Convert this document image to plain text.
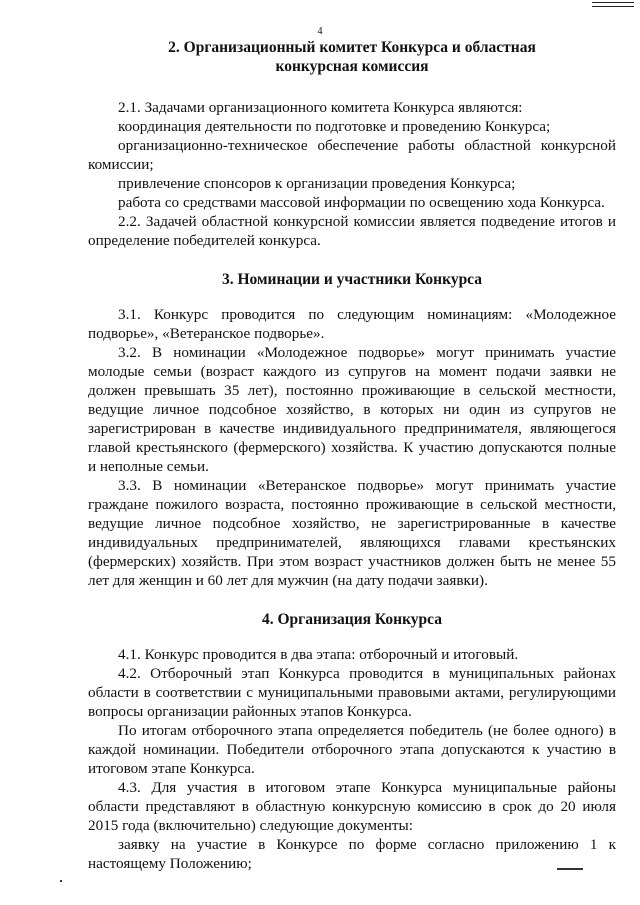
4
2. Организационный комитет Конкурса и областная
конкурсная комиссия

2.1. Задачами организационного комитета Конкурса являются:

координация деятельности по подготовке и проведению Конкурса;

организационно-техническое обеспечение работы областной конкурсной комиссии;

привлечение спонсоров к организации проведения Конкурса;

работа со средствами массовой информации по освещению хода Конкурса.

2.2. Задачей областной конкурсной комиссии является подведение итогов и определение победителей конкурса.

3. Номинации и участники Конкурса

3.1. Конкурс проводится по следующим номинациям: «Молодежное подворье», «Ветеранское подворье».

3.2. В номинации «Молодежное подворье» могут принимать участие молодые семьи (возраст каждого из супругов на момент подачи заявки не должен превышать 35 лет), постоянно проживающие в сельской местности, ведущие личное подсобное хозяйство, в которых ни один из супругов не зарегистрирован в качестве индивидуального предпринимателя, являющегося главой крестьянского (фермерского) хозяйства. К участию допускаются полные и неполные семьи.

3.3. В номинации «Ветеранское подворье» могут принимать участие граждане пожилого возраста, постоянно проживающие в сельской местности, ведущие личное подсобное хозяйство, не зарегистрированные в качестве индивидуальных предпринимателей, являющихся главами крестьянских (фермерских) хозяйств. При этом возраст участников должен быть не менее 55 лет для женщин и 60 лет для мужчин (на дату подачи заявки).

4. Организация Конкурса

4.1. Конкурс проводится в два этапа: отборочный и итоговый.

4.2. Отборочный этап Конкурса проводится в муниципальных районах области в соответствии с муниципальными правовыми актами, регулирующими вопросы организации районных этапов Конкурса.

По итогам отборочного этапа определяется победитель (не более одного) в каждой номинации. Победители отборочного этапа допускаются к участию в итоговом этапе Конкурса.

4.3. Для участия в итоговом этапе Конкурса муниципальные районы области представляют в областную конкурсную комиссию в срок до 20 июля 2015 года (включительно) следующие документы:

заявку на участие в Конкурсе по форме согласно приложению 1 к настоящему Положению;
